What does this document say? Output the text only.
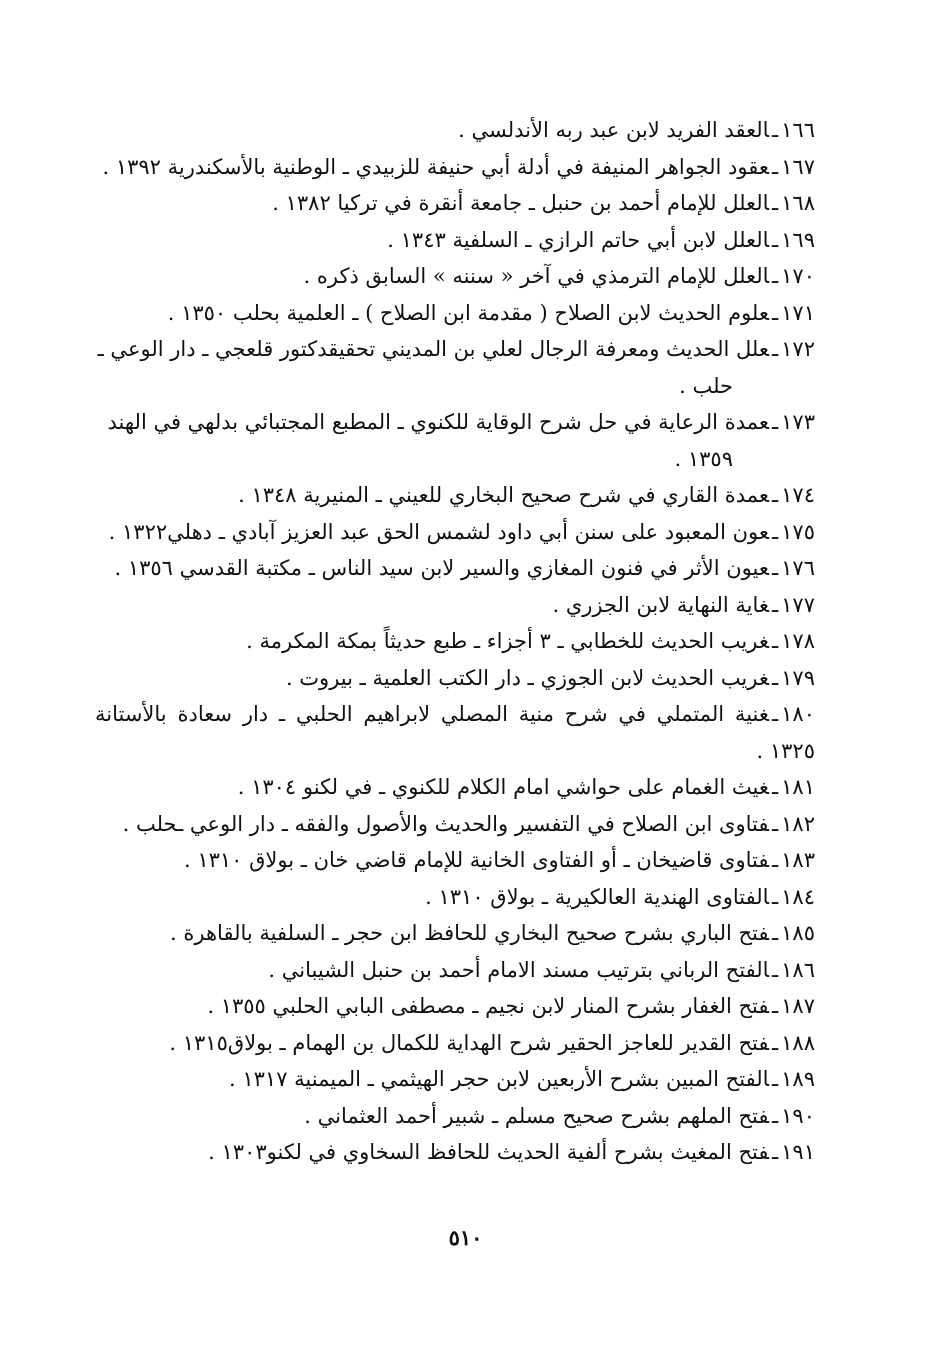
١٦٦ـالعقد الفريد لابن عبد ربه الأندلسي .
١٦٧ـعقود الجواهر المنيفة في أدلة أبي حنيفة للزبيدي ـ الوطنية بالأسكندرية ١٣٩٢ .
١٦٨ـالعلل للإمام أحمد بن حنبل ـ جامعة أنقرة في تركيا ١٣٨٢ .
١٦٩ـالعلل لابن أبي حاتم الرازي ـ السلفية ١٣٤٣ .
١٧٠ـالعلل للإمام الترمذي في آخر « سننه » السابق ذكره .
١٧١ـعلوم الحديث لابن الصلاح ( مقدمة ابن الصلاح ) ـ العلمية بحلب ١٣٥٠ .
١٧٢ـعلل الحديث ومعرفة الرجال لعلي بن المديني تحقيقدكتور قلعجي ـ دار الوعي ـ
حلب .
١٧٣ـعمدة الرعاية في حل شرح الوقاية للكنوي ـ المطبع المجتبائي بدلهي في الهند
١٣٥٩ .
١٧٤ـعمدة القاري في شرح صحيح البخاري للعيني ـ المنيرية ١٣٤٨ .
١٧٥ـعون المعبود على سنن أبي داود لشمس الحق عبد العزيز آبادي ـ دهلي١٣٢٢ .
١٧٦ـعيون الأثر في فنون المغازي والسير لابن سيد الناس ـ مكتبة القدسي ١٣٥٦ .
١٧٧ـغاية النهاية لابن الجزري .
١٧٨ـغريب الحديث للخطابي ـ ٣ أجزاء ـ طبع حديثاً بمكة المكرمة .
١٧٩ـغريب الحديث لابن الجوزي ـ دار الكتب العلمية ـ بيروت .
١٨٠ـغنية المتملي في شرح منية المصلي لابراهيم الحلبي ـ دار سعادة بالأستانة ١٣٢٥ .
١٨١ـغيث الغمام على حواشي امام الكلام للكنوي ـ في لكنو ١٣٠٤ .
١٨٢ـفتاوى ابن الصلاح في التفسير والحديث والأصول والفقه ـ دار الوعي ـحلب .
١٨٣ـفتاوى قاضيخان ـ أو الفتاوى الخانية للإمام قاضي خان ـ بولاق ١٣١٠ .
١٨٤ـالفتاوى الهندية العالكيرية ـ بولاق ١٣١٠ .
١٨٥ـفتح الباري بشرح صحيح البخاري للحافظ ابن حجر ـ السلفية بالقاهرة .
١٨٦ـالفتح الرباني بترتيب مسند الامام أحمد بن حنبل الشيباني .
١٨٧ـفتح الغفار بشرح المنار لابن نجيم ـ مصطفى البابي الحلبي ١٣٥٥ .
١٨٨ـفتح القدير للعاجز الحقير شرح الهداية للكمال بن الهمام ـ بولاق١٣١٥ .
١٨٩ـالفتح المبين بشرح الأربعين لابن حجر الهيثمي ـ الميمنية ١٣١٧ .
١٩٠ـفتح الملهم بشرح صحيح مسلم ـ شبير أحمد العثماني .
١٩١ـفتح المغيث بشرح ألفية الحديث للحافظ السخاوي في لكنو١٣٠٣ .
٥١٠
